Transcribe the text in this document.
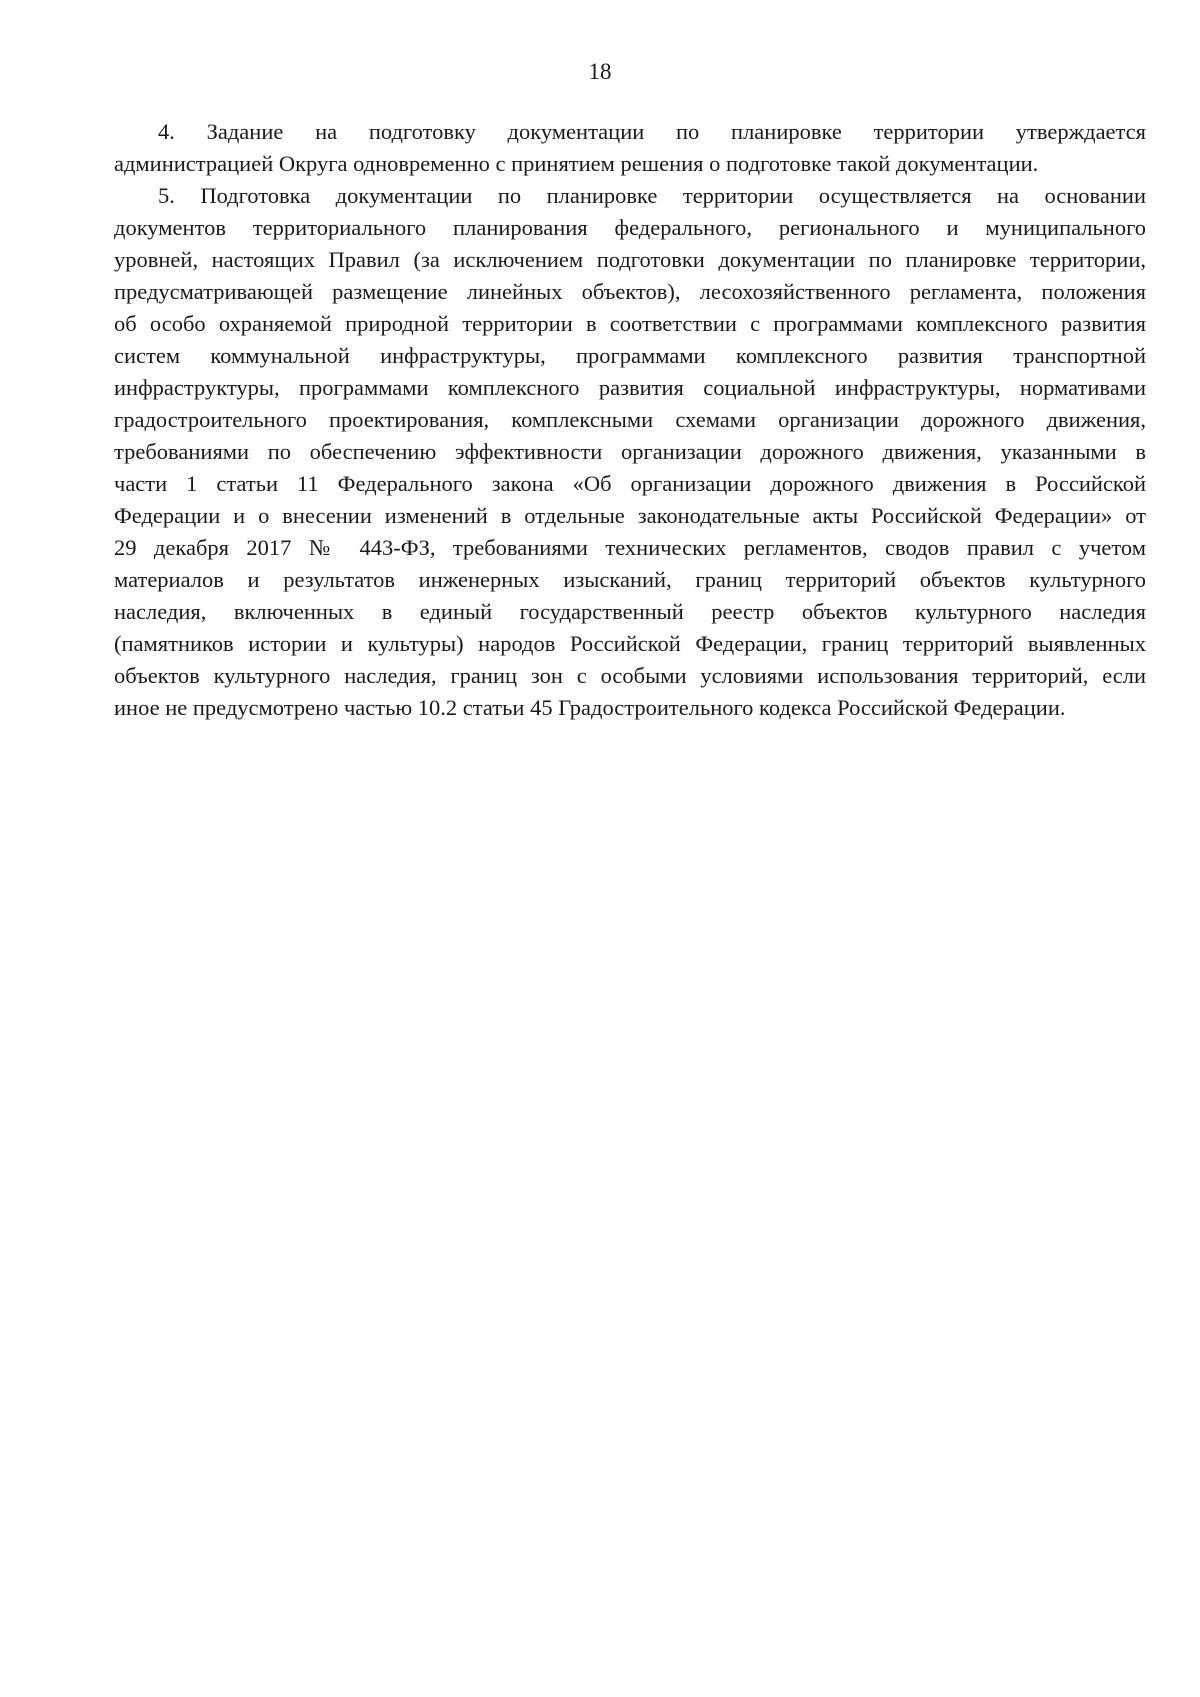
18
4. Задание на подготовку документации по планировке территории утверждается
администрацией Округа одновременно с принятием решения о подготовке такой документации.
5. Подготовка документации по планировке территории осуществляется на основании
документов территориального планирования федерального, регионального и муниципального
уровней, настоящих Правил (за исключением подготовки документации по планировке территории,
предусматривающей размещение линейных объектов), лесохозяйственного регламента, положения
об особо охраняемой природной территории в соответствии с программами комплексного развития
систем коммунальной инфраструктуры, программами комплексного развития транспортной
инфраструктуры, программами комплексного развития социальной инфраструктуры, нормативами
градостроительного проектирования, комплексными схемами организации дорожного движения,
требованиями по обеспечению эффективности организации дорожного движения, указанными в
части 1 статьи 11 Федерального закона «Об организации дорожного движения в Российской
Федерации и о внесении изменений в отдельные законодательные акты Российской Федерации» от
29 декабря 2017 № 443-ФЗ, требованиями технических регламентов, сводов правил с учетом
материалов и результатов инженерных изысканий, границ территорий объектов культурного
наследия, включенных в единый государственный реестр объектов культурного наследия
(памятников истории и культуры) народов Российской Федерации, границ территорий выявленных
объектов культурного наследия, границ зон с особыми условиями использования территорий, если
иное не предусмотрено частью 10.2 статьи 45 Градостроительного кодекса Российской Федерации.
